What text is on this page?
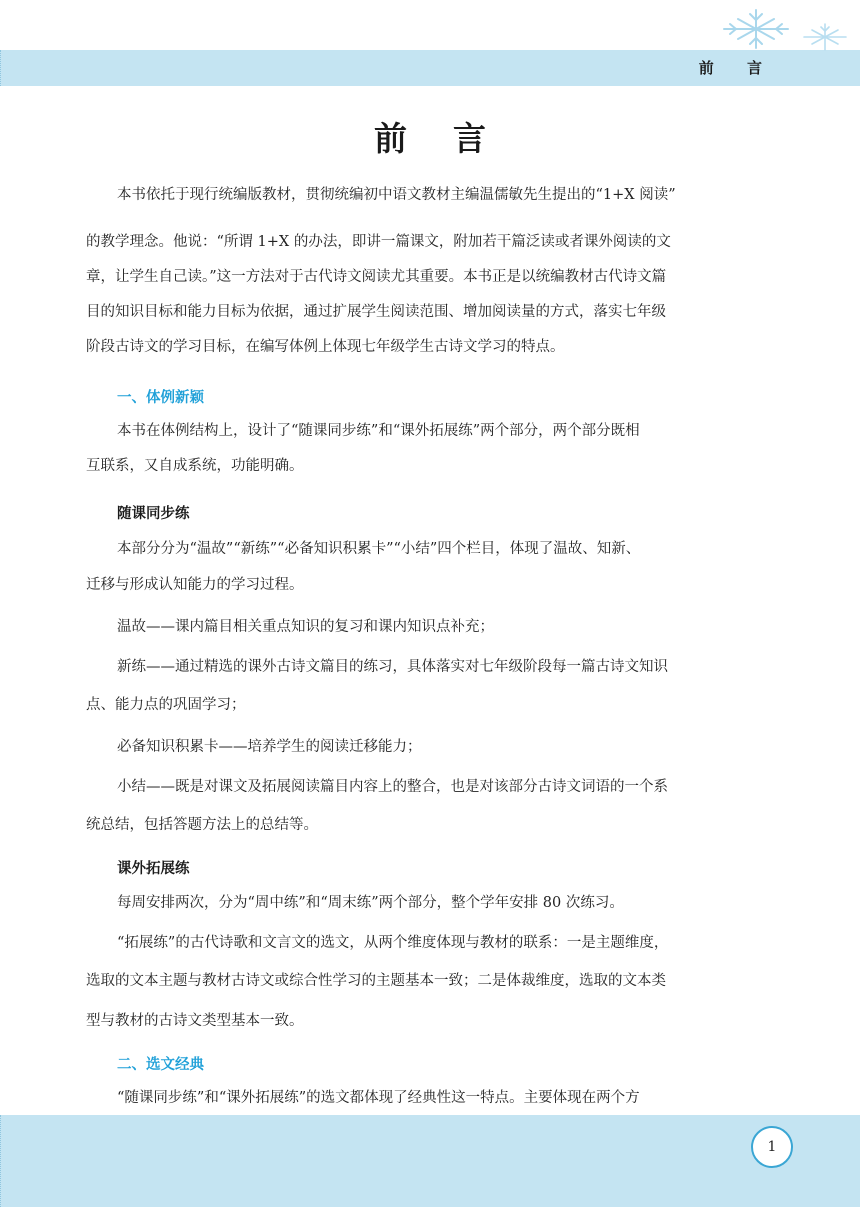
前 言
前言
本书依托于现行统编版教材，贯彻统编初中语文教材主编温儒敏先生提出的“1+X 阅读”
的教学理念。他说：“所谓 1+X 的办法，即讲一篇课文，附加若干篇泛读或者课外阅读的文
章，让学生自己读。”这一方法对于古代诗文阅读尤其重要。本书正是以统编教材古代诗文篇
目的知识目标和能力目标为依据，通过扩展学生阅读范围、增加阅读量的方式，落实七年级
阶段古诗文的学习目标，在编写体例上体现七年级学生古诗文学习的特点。
一、体例新颖
本书在体例结构上，设计了“随课同步练”和“课外拓展练”两个部分，两个部分既相
互联系，又自成系统，功能明确。
随课同步练
本部分分为“温故”“新练”“必备知识积累卡”“小结”四个栏目，体现了温故、知新、
迁移与形成认知能力的学习过程。
温故——课内篇目相关重点知识的复习和课内知识点补充；
新练——通过精选的课外古诗文篇目的练习，具体落实对七年级阶段每一篇古诗文知识
点、能力点的巩固学习；
必备知识积累卡——培养学生的阅读迁移能力；
小结——既是对课文及拓展阅读篇目内容上的整合，也是对该部分古诗文词语的一个系
统总结，包括答题方法上的总结等。
课外拓展练
每周安排两次，分为“周中练”和“周末练”两个部分，整个学年安排 80 次练习。
“拓展练”的古代诗歌和文言文的选文，从两个维度体现与教材的联系：一是主题维度，
选取的文本主题与教材古诗文或综合性学习的主题基本一致；二是体裁维度，选取的文本类
型与教材的古诗文类型基本一致。
二、选文经典
“随课同步练”和“课外拓展练”的选文都体现了经典性这一特点。主要体现在两个方
1
